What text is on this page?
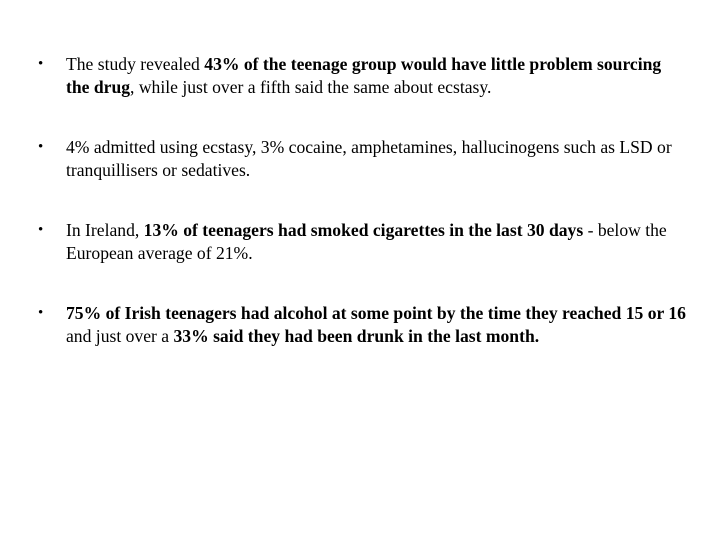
• The study revealed 43% of the teenage group would have little problem sourcing the drug, while just over a fifth said the same about ecstasy.
• 4% admitted using ecstasy, 3% cocaine, amphetamines, hallucinogens such as LSD or tranquillisers or sedatives.
• In Ireland, 13% of teenagers had smoked cigarettes in the last 30 days - below the European average of 21%.
• 75% of Irish teenagers had alcohol at some point by the time they reached 15 or 16 and just over a 33% said they had been drunk in the last month.
